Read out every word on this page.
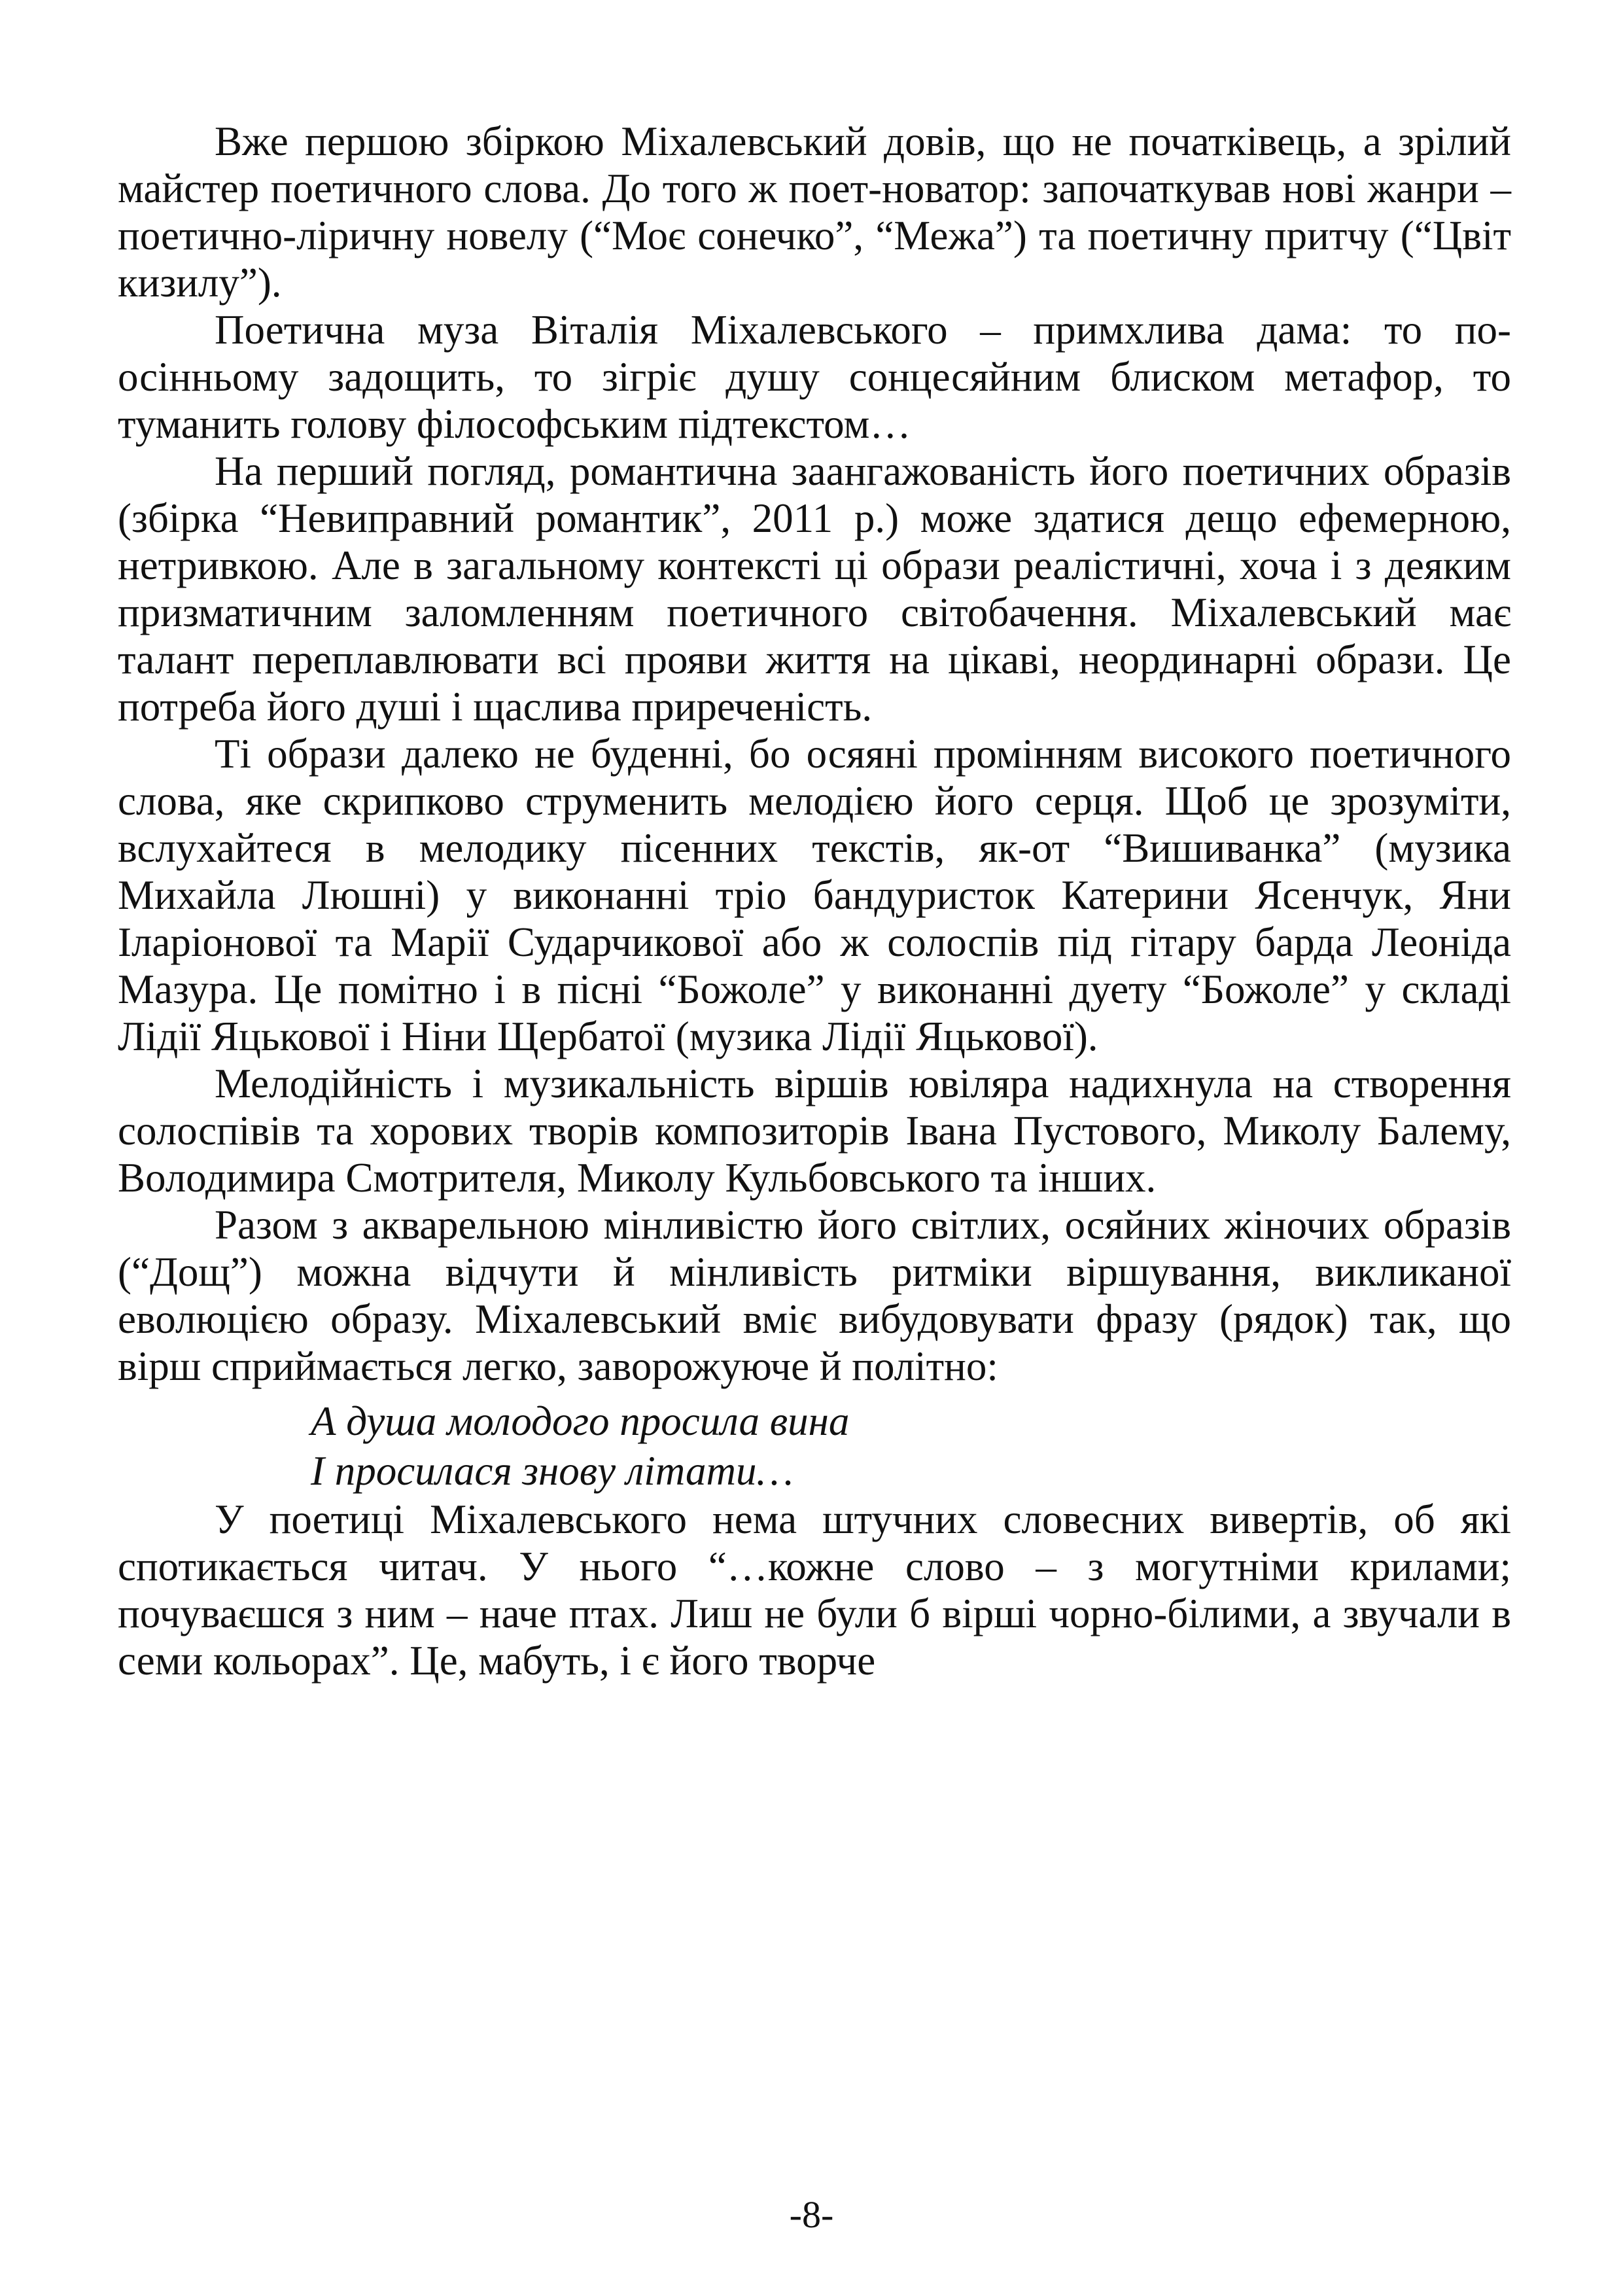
Вже першою збіркою Міхалевський довів, що не початківець, а зрілий майстер поетичного слова. До того ж поет-новатор: започаткував нові жанри – поетично-ліричну новелу (“Моє сонечко”, “Межа”) та поетичну притчу (“Цвіт кизилу”).

Поетична муза Віталія Міхалевського – примхлива дама: то по-осінньому задощить, то зігріє душу сонцесяйним блиском метафор, то туманить голову філософським підтекстом…

На перший погляд, романтична заангажованість його поетичних образів (збірка “Невиправний романтик”, 2011 р.) може здатися дещо ефемерною, нетривкою. Але в загальному контексті ці образи реалістичні, хоча і з деяким призматичним заломленням поетичного світобачення. Міхалевський має талант переплавлювати всі прояви життя на цікаві, неординарні образи. Це потреба його душі і щаслива приреченість.

Ті образи далеко не буденні, бо осяяні промінням високого поетичного слова, яке скрипково струменить мелодією його серця. Щоб це зрозуміти, вслухайтеся в мелодику пісенних текстів, як-от “Вишиванка” (музика Михайла Люшні) у виконанні тріо бандуристок Катерини Ясенчук, Яни Іларіонової та Марії Сударчикової або ж солоспів під гітару барда Леоніда Мазура. Це помітно і в пісні “Божоле” у виконанні дуету “Божоле” у складі Лідії Яцькової і Ніни Щербатої (музика Лідії Яцькової).

Мелодійність і музикальність віршів ювіляра надихнула на створення солоспівів та хорових творів композиторів Івана Пустового, Миколу Балему, Володимира Смотрителя, Миколу Кульбовського та інших.

Разом з акварельною мінливістю його світлих, осяйних жіночих образів (“Дощ”) можна відчути й мінливість ритміки віршування, викликаної еволюцією образу. Міхалевський вміє вибудовувати фразу (рядок) так, що вірш сприймається легко, заворожуюче й політно:

А душа молодого просила вина
І просилася знову літати…

У поетиці Міхалевського нема штучних словесних вивертів, об які спотикається читач. У нього “…кожне слово – з могутніми крилами; почуваєшся з ним – наче птах. Лиш не були б вірші чорно-білими, а звучали в семи кольорах”. Це, мабуть, і є його творче

-8-
